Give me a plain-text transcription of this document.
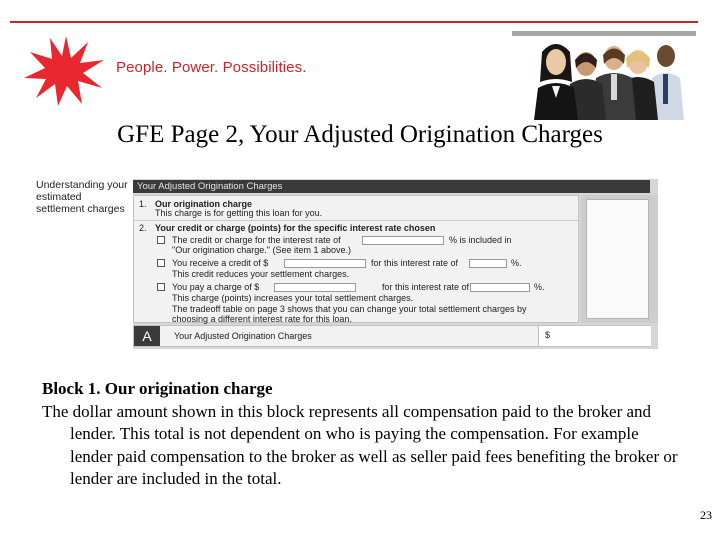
People. Power. Possibilities.
GFE Page 2, Your Adjusted Origination Charges
Understanding your estimated settlement charges
Your Adjusted Origination Charges
1. Our origination charge
This charge is for getting this loan for you.
2. Your credit or charge (points) for the specific interest rate chosen
The credit or charge for the interest rate of	% is included in
"Our origination charge." (See item 1 above.)
You receive a credit of $	for this interest rate of	%.
This credit reduces your settlement charges.
You pay a charge of $	for this interest rate of	%.
This charge (points) increases your total settlement charges.
The tradeoff table on page 3 shows that you can change your total settlement charges by
choosing a different interest rate for this loan.
A	Your Adjusted Origination Charges	$
Block 1. Our origination charge
The dollar amount shown in this block represents all compensation paid to the broker and lender. This total is not dependent on who is paying the compensation. For example lender paid compensation to the broker as well as seller paid fees benefiting the broker or lender are included in the total.
23
